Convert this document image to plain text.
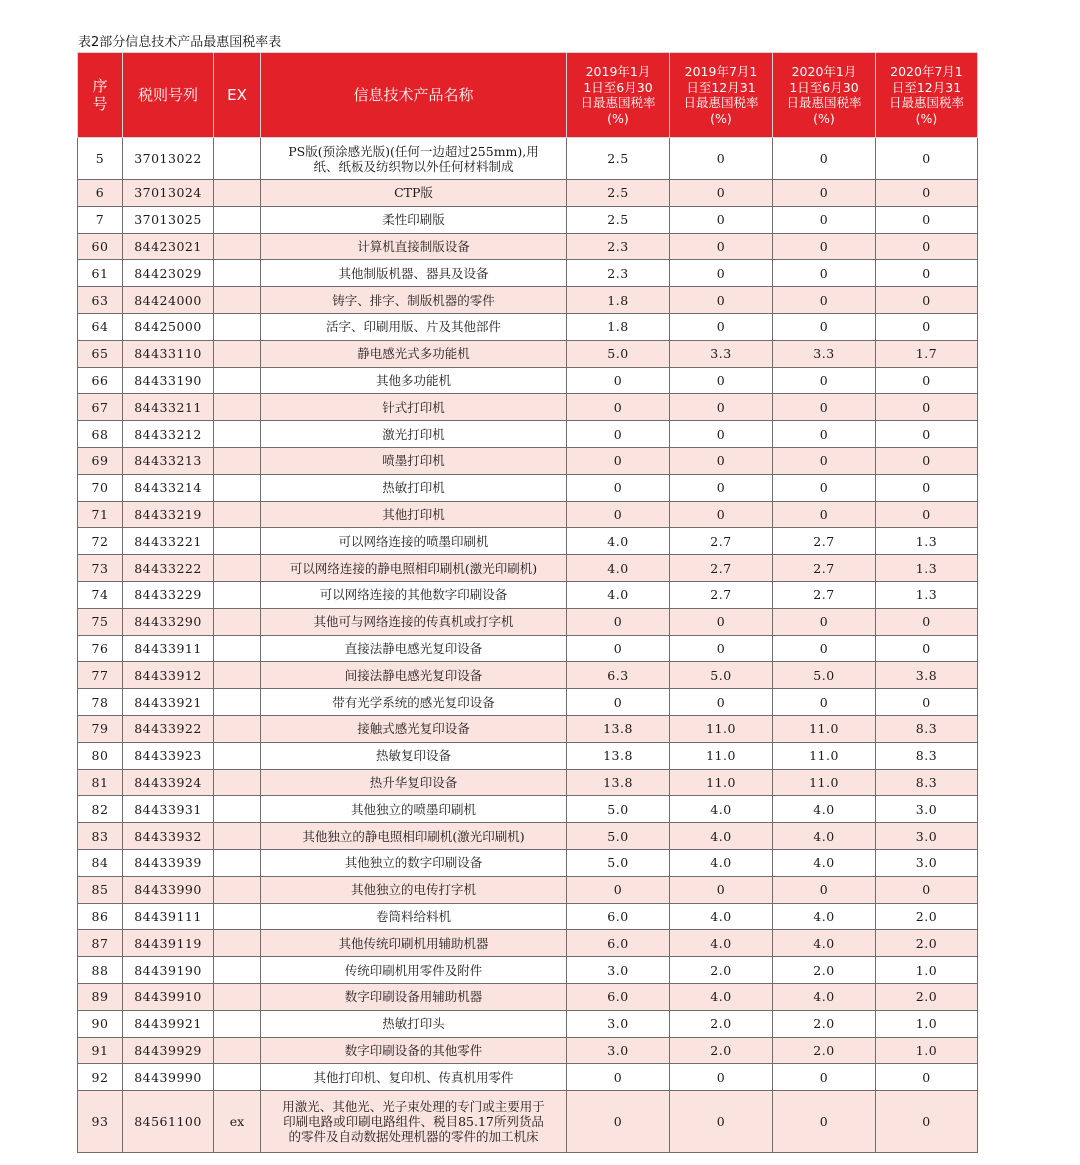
表2部分信息技术产品最惠国税率表
序
号	税则号列	EX	信息技术产品名称	2019年1月
1日至6月30
日最惠国税率
(%)	2019年7月1
日至12月31
日最惠国税率
(%)	2020年1月
1日至6月30
日最惠国税率
(%)	2020年7月1
日至12月31
日最惠国税率
(%)
5	37013022		PS版(预涂感光版)(任何一边超过255mm),用
纸、纸板及纺织物以外任何材料制成	2.5	0	0	0
6	37013024		CTP版	2.5	0	0	0
7	37013025		柔性印刷版	2.5	0	0	0
60	84423021		计算机直接制版设备	2.3	0	0	0
61	84423029		其他制版机器、器具及设备	2.3	0	0	0
63	84424000		铸字、排字、制版机器的零件	1.8	0	0	0
64	84425000		活字、印刷用版、片及其他部件	1.8	0	0	0
65	84433110		静电感光式多功能机	5.0	3.3	3.3	1.7
66	84433190		其他多功能机	0	0	0	0
67	84433211		针式打印机	0	0	0	0
68	84433212		激光打印机	0	0	0	0
69	84433213		喷墨打印机	0	0	0	0
70	84433214		热敏打印机	0	0	0	0
71	84433219		其他打印机	0	0	0	0
72	84433221		可以网络连接的喷墨印刷机	4.0	2.7	2.7	1.3
73	84433222		可以网络连接的静电照相印刷机(激光印刷机)	4.0	2.7	2.7	1.3
74	84433229		可以网络连接的其他数字印刷设备	4.0	2.7	2.7	1.3
75	84433290		其他可与网络连接的传真机或打字机	0	0	0	0
76	84433911		直接法静电感光复印设备	0	0	0	0
77	84433912		间接法静电感光复印设备	6.3	5.0	5.0	3.8
78	84433921		带有光学系统的感光复印设备	0	0	0	0
79	84433922		接触式感光复印设备	13.8	11.0	11.0	8.3
80	84433923		热敏复印设备	13.8	11.0	11.0	8.3
81	84433924		热升华复印设备	13.8	11.0	11.0	8.3
82	84433931		其他独立的喷墨印刷机	5.0	4.0	4.0	3.0
83	84433932		其他独立的静电照相印刷机(激光印刷机)	5.0	4.0	4.0	3.0
84	84433939		其他独立的数字印刷设备	5.0	4.0	4.0	3.0
85	84433990		其他独立的电传打字机	0	0	0	0
86	84439111		卷筒料给料机	6.0	4.0	4.0	2.0
87	84439119		其他传统印刷机用辅助机器	6.0	4.0	4.0	2.0
88	84439190		传统印刷机用零件及附件	3.0	2.0	2.0	1.0
89	84439910		数字印刷设备用辅助机器	6.0	4.0	4.0	2.0
90	84439921		热敏打印头	3.0	2.0	2.0	1.0
91	84439929		数字印刷设备的其他零件	3.0	2.0	2.0	1.0
92	84439990		其他打印机、复印机、传真机用零件	0	0	0	0
93	84561100	ex	用激光、其他光、光子束处理的专门或主要用于
印刷电路或印刷电路组件、税目85.17所列货品
的零件及自动数据处理机器的零件的加工机床	0	0	0	0
